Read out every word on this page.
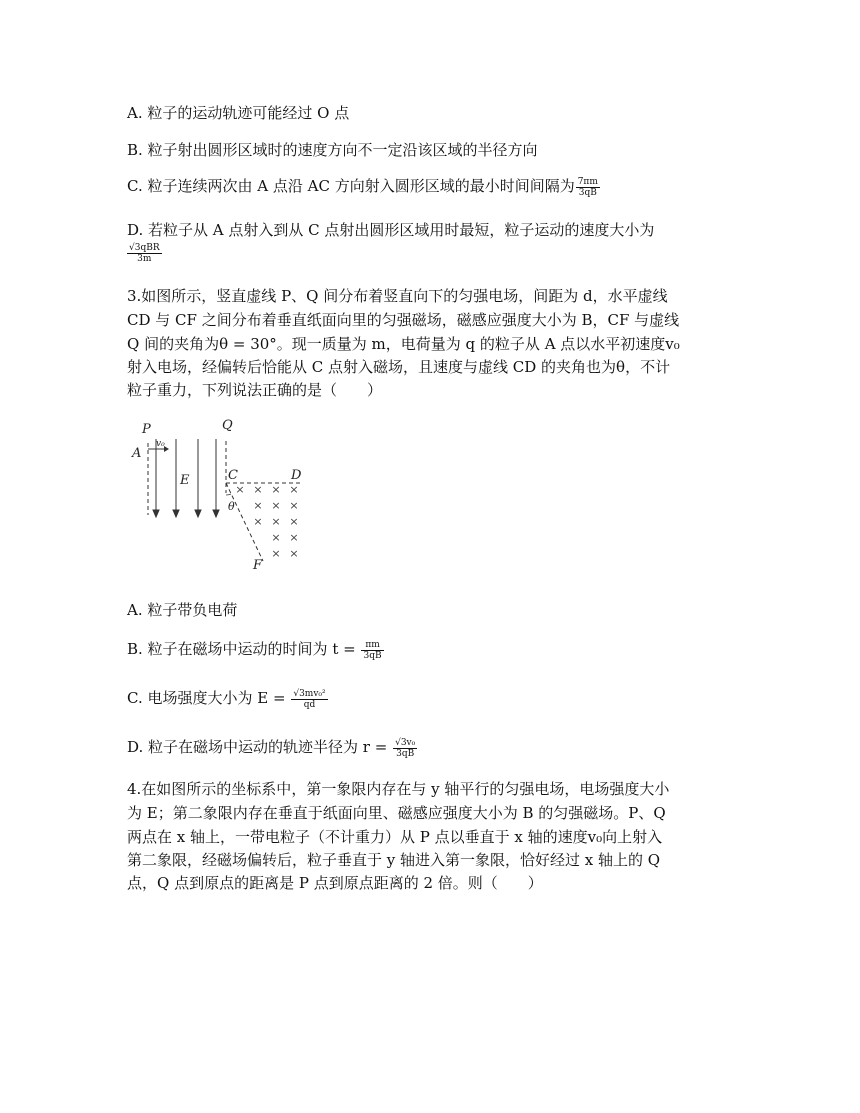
A. 粒子的运动轨迹可能经过 O 点
B. 粒子射出圆形区域时的速度方向不一定沿该区域的半径方向
C. 粒子连续两次由 A 点沿 AC 方向射入圆形区域的最小时间间隔为 $\frac{7\pi m}{3qB}$
D. 若粒子从 A 点射入到从 C 点射出圆形区域用时最短，粒子运动的速度大小为
$\frac{\text{√3qBR}}{3m}$
3.如图所示，竖直虚线 P、Q 间分布着竖直向下的匀强电场，间距为 d，水平虚线
CD 与 CF 之间分布着垂直纸面向里的匀强磁场，磁感应强度大小为 B，CF 与虚线
Q 间的夹角为θ = 30°。现一质量为 m，电荷量为 q 的粒子从 A 点以水平初速度v₀
射入电场，经偏转后恰能从 C 点射入磁场，且速度与虚线 CD 的夹角也为θ，不计
粒子重力，下列说法正确的是（　　）
× × × ×
× × ×
× × ×
× ×
× ×
P	Q
A
v₀
E	C	D
θ
F
A. 粒子带负电荷
B. 粒子在磁场中运动的时间为 $t = \frac{\pi m}{3qB}$
C. 电场强度大小为 $E = \frac{\text{√3mv₀²}}{qd}$
D. 粒子在磁场中运动的轨迹半径为 $r = \frac{\text{√3v₀}}{3qB}$
4.在如图所示的坐标系中，第一象限内存在与 y 轴平行的匀强电场，电场强度大小
为 E；第二象限内存在垂直于纸面向里、磁感应强度大小为 B 的匀强磁场。P、Q
两点在 x 轴上，一带电粒子（不计重力）从 P 点以垂直于 x 轴的速度v₀向上射入
第二象限，经磁场偏转后，粒子垂直于 y 轴进入第一象限，恰好经过 x 轴上的 Q
点，Q 点到原点的距离是 P 点到原点距离的 2 倍。则（　　）
